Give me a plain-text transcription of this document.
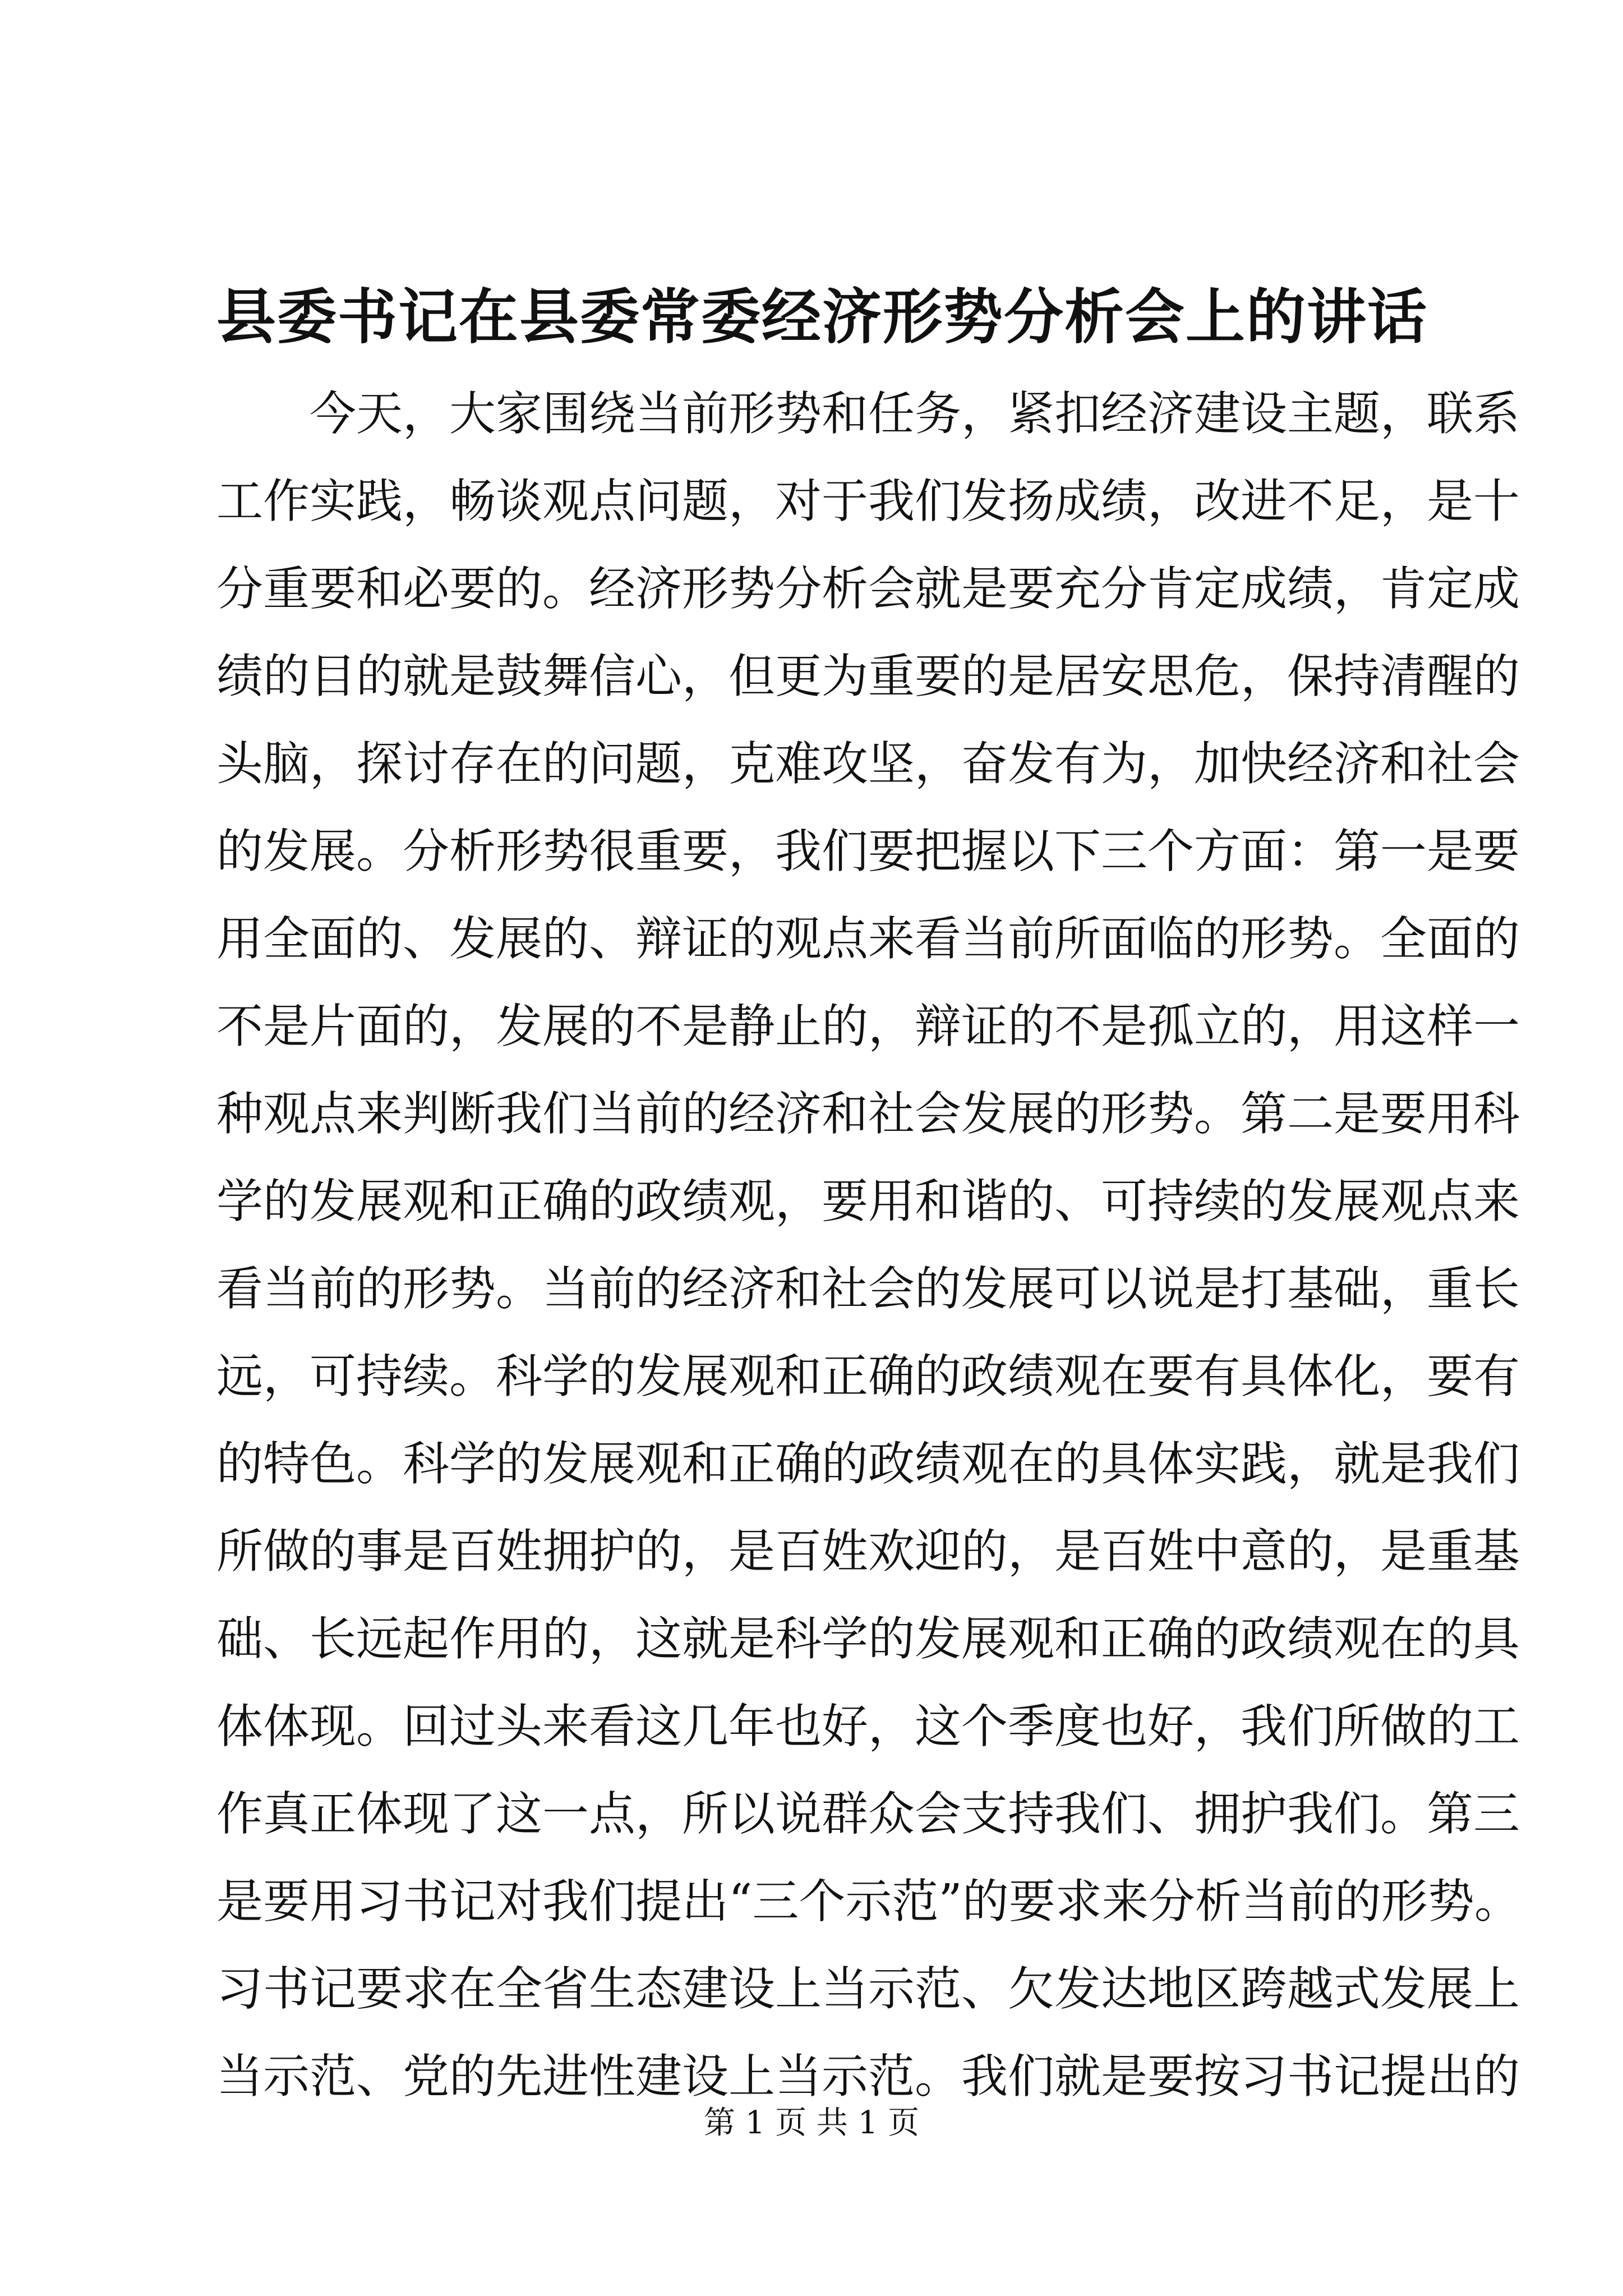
县委书记在县委常委经济形势分析会上的讲话
今天，大家围绕当前形势和任务，紧扣经济建设主题，联系
工作实践，畅谈观点问题，对于我们发扬成绩，改进不足，是十
分重要和必要的。经济形势分析会就是要充分肯定成绩，肯定成
绩的目的就是鼓舞信心，但更为重要的是居安思危，保持清醒的
头脑，探讨存在的问题，克难攻坚，奋发有为，加快经济和社会
的发展。分析形势很重要，我们要把握以下三个方面：第一是要
用全面的、发展的、辩证的观点来看当前所面临的形势。全面的
不是片面的，发展的不是静止的，辩证的不是孤立的，用这样一
种观点来判断我们当前的经济和社会发展的形势。第二是要用科
学的发展观和正确的政绩观，要用和谐的、可持续的发展观点来
看当前的形势。当前的经济和社会的发展可以说是打基础，重长
远，可持续。科学的发展观和正确的政绩观在要有具体化，要有
的特色。科学的发展观和正确的政绩观在的具体实践，就是我们
所做的事是百姓拥护的，是百姓欢迎的，是百姓中意的，是重基
础、长远起作用的，这就是科学的发展观和正确的政绩观在的具
体体现。回过头来看这几年也好，这个季度也好，我们所做的工
作真正体现了这一点，所以说群众会支持我们、拥护我们。第三
是要用习书记对我们提出“三个示范”的要求来分析当前的形势。
习书记要求在全省生态建设上当示范、欠发达地区跨越式发展上
当示范、党的先进性建设上当示范。我们就是要按习书记提出的
第 1 页 共 1 页
